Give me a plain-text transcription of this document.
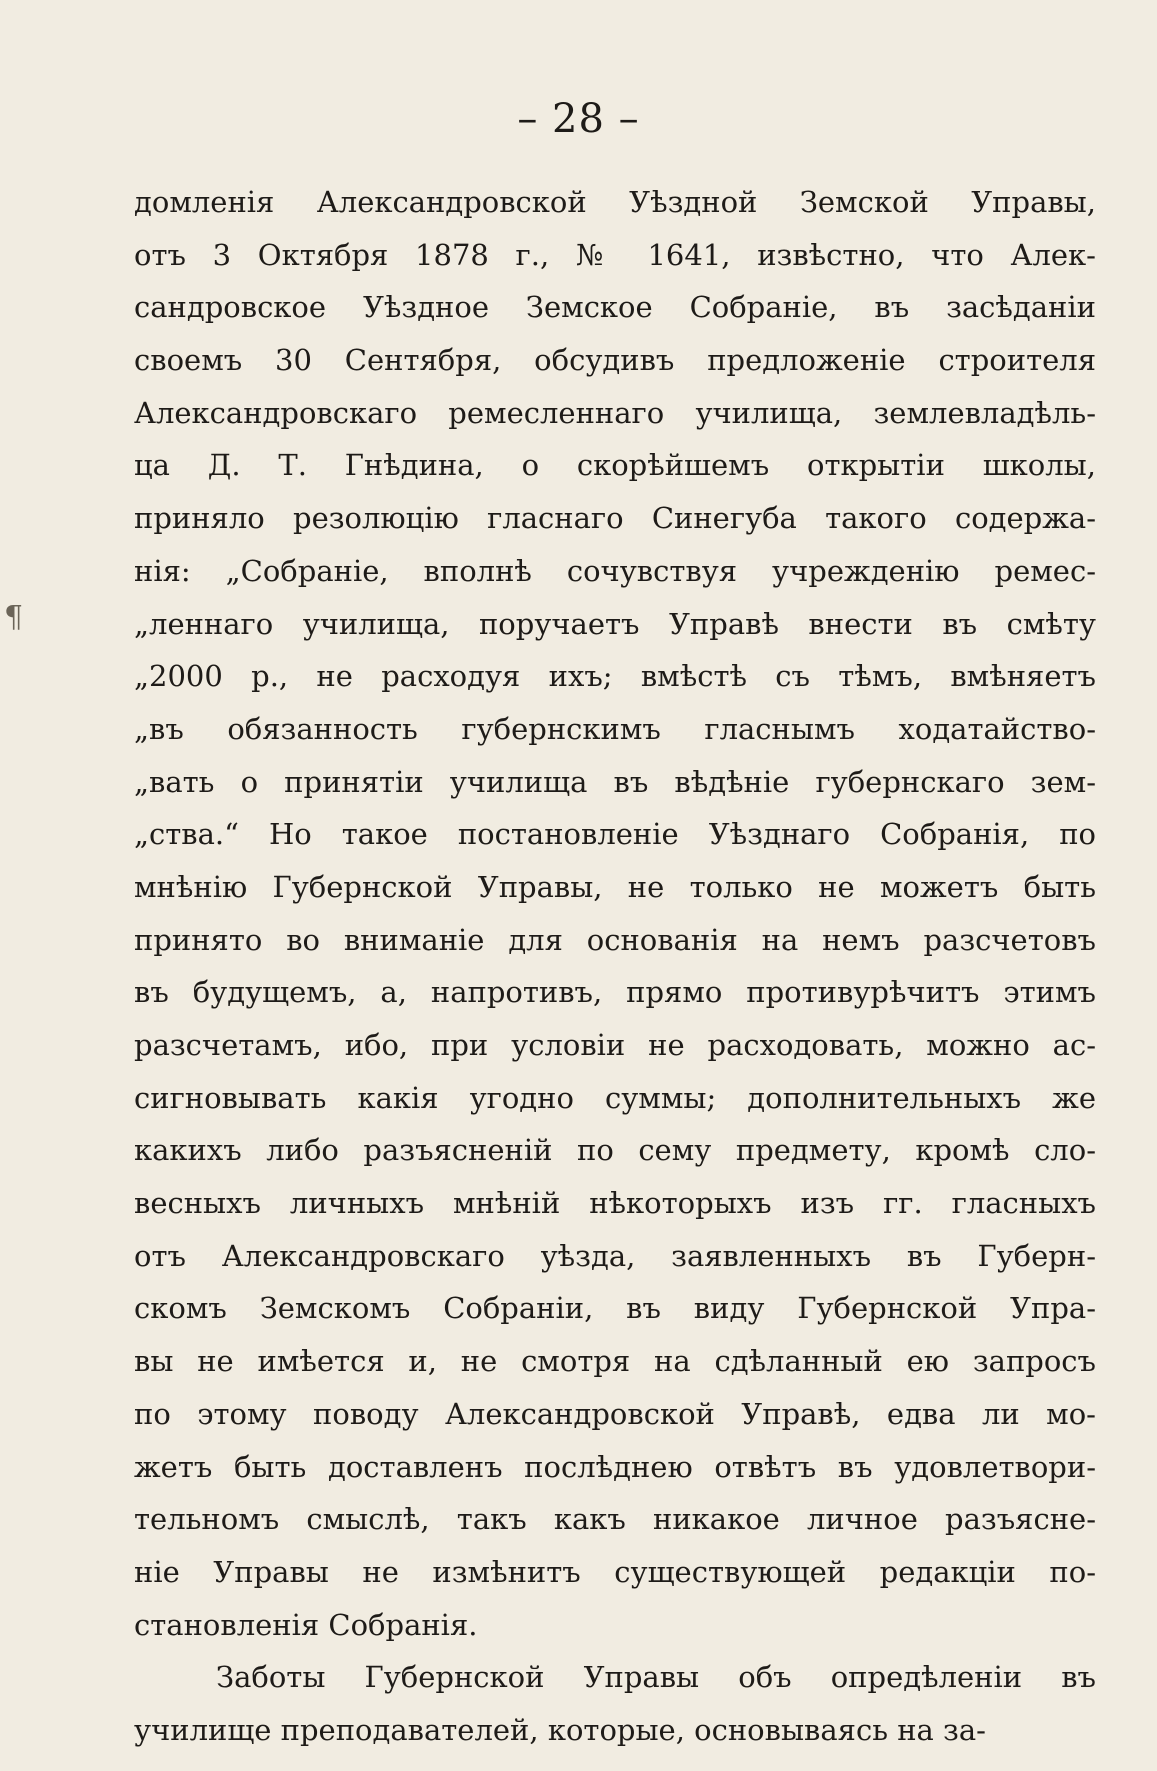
– 28 –
¶
домленія Александровской Уѣздной Земской Управы,
отъ 3 Октября 1878 г., № 1641, извѣстно, что Алек-
сандровское Уѣздное Земское Собраніе, въ засѣданіи
своемъ 30 Сентября, обсудивъ предложеніе строителя
Александровскаго ремесленнаго училища, землевладѣль-
ца Д. Т. Гнѣдина, о скорѣйшемъ открытіи школы,
приняло резолюцію гласнаго Синегуба такого содержа-
нія: „Собраніе, вполнѣ сочувствуя учрежденію ремес-
„леннаго училища, поручаетъ Управѣ внести въ смѣту
„2000 р., не расходуя ихъ; вмѣстѣ съ тѣмъ, вмѣняетъ
„въ обязанность губернскимъ гласнымъ ходатайство-
„вать о принятіи училища въ вѣдѣніе губернскаго зем-
„ства.“ Но такое постановленіе Уѣзднаго Собранія, по
мнѣнію Губернской Управы, не только не можетъ быть
принято во вниманіе для основанія на немъ разсчетовъ
въ будущемъ, а, напротивъ, прямо противурѣчитъ этимъ
разсчетамъ, ибо, при условіи не расходовать, можно ас-
сигновывать какія угодно суммы; дополнительныхъ же
какихъ либо разъясненій по сему предмету, кромѣ сло-
весныхъ личныхъ мнѣній нѣкоторыхъ изъ гг. гласныхъ
отъ Александровскаго уѣзда, заявленныхъ въ Губерн-
скомъ Земскомъ Собраніи, въ виду Губернской Упра-
вы не имѣется и, не смотря на сдѣланный ею запросъ
по этому поводу Александровской Управѣ, едва ли мо-
жетъ быть доставленъ послѣднею отвѣтъ въ удовлетвори-
тельномъ смыслѣ, такъ какъ никакое личное разъясне-
ніе Управы не измѣнитъ существующей редакціи по-
становленія Собранія.
Заботы Губернской Управы объ опредѣленіи въ
училище преподавателей, которые, основываясь на за-
